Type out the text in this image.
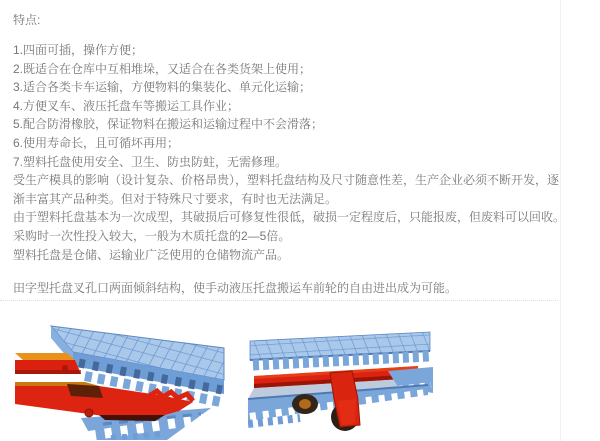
特点:
1.四面可插，操作方便；
2.既适合在仓库中互相堆垛，又适合在各类货架上使用；
3.适合各类卡车运输，方便物料的集装化、单元化运输；
4.方便叉车、液压托盘车等搬运工具作业；
5.配合防滑橡胶，保证物料在搬运和运输过程中不会滑落；
6.使用寿命长，且可循坏再用；
7.塑料托盘使用安全、卫生、防虫防蛀，无需修理。

受生产模具的影响（设计复杂、价格昂贵），塑料托盘结构及尺寸随意性差，生产企业必须不断开发，逐渐丰富其产品种类。但对于特殊尺寸要求，有时也无法满足。

由于塑料托盘基本为一次成型，其破损后可修复性很低，破损一定程度后，只能报废，但废料可以回收。

采购时一次性投入较大，一般为木质托盘的2—5倍。

塑料托盘是仓储、运输业广泛使用的仓储物流产品。

田字型托盘叉孔口两面倾斜结构，使手动液压托盘搬运车前轮的自由进出成为可能。
